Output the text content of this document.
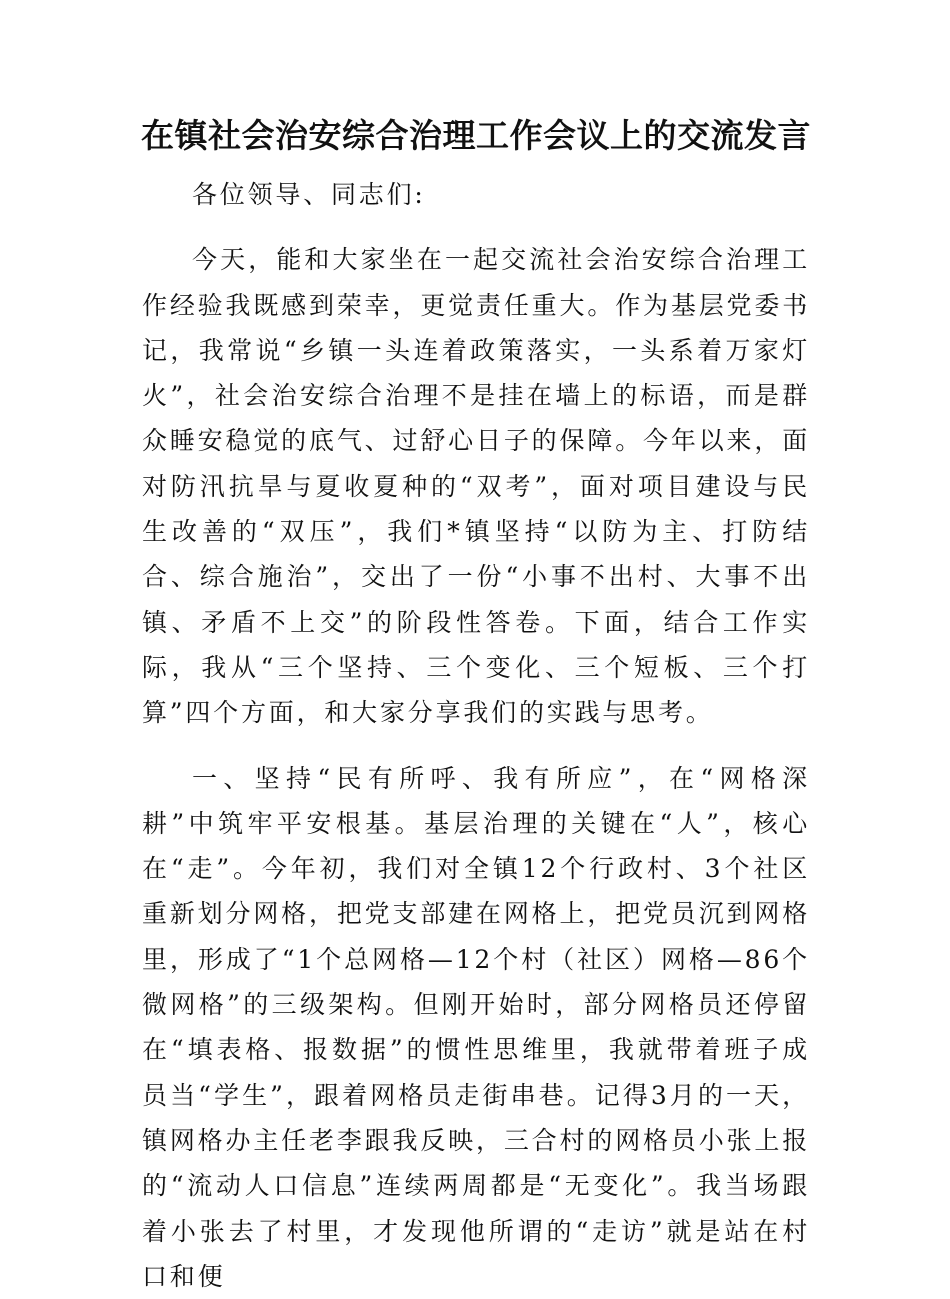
在镇社会治安综合治理工作会议上的交流发言

各位领导、同志们:

今天，能和大家坐在一起交流社会治安综合治理工作经验我既感到荣幸，更觉责任重大。作为基层党委书记，我常说“乡镇一头连着政策落实，一头系着万家灯火”，社会治安综合治理不是挂在墙上的标语，而是群众睡安稳觉的底气、过舒心日子的保障。今年以来，面对防汛抗旱与夏收夏种的“双考”，面对项目建设与民生改善的“双压”，我们*镇坚持“以防为主、打防结合、综合施治”，交出了一份“小事不出村、大事不出镇、矛盾不上交”的阶段性答卷。下面，结合工作实际，我从“三个坚持、三个变化、三个短板、三个打算”四个方面，和大家分享我们的实践与思考。

一、坚持“民有所呼、我有所应”，在“网格深耕”中筑牢平安根基。基层治理的关键在“人”，核心在“走”。今年初，我们对全镇12个行政村、3个社区重新划分网格，把党支部建在网格上，把党员沉到网格里，形成了“1个总网格—12个村（社区）网格—86个微网格”的三级架构。但刚开始时，部分网格员还停留在“填表格、报数据”的惯性思维里，我就带着班子成员当“学生”，跟着网格员走街串巷。记得3月的一天，镇网格办主任老李跟我反映，三合村的网格员小张上报的“流动人口信息”连续两周都是“无变化”。我当场跟着小张去了村里，才发现他所谓的“走访”就是站在村口和便
